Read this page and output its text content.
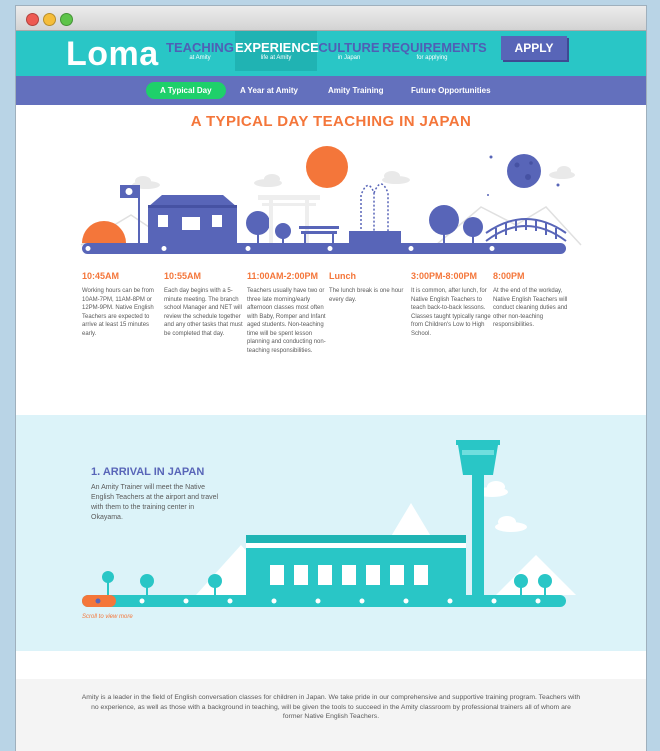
Loma TEACHING
at Amity
EXPERIENCE
life at Amity
CULTURE
in Japan
REQUIREMENTS
for applying
APPLY
A Typical Day	A Year at Amity	Amity Training	Future Opportunities
A TYPICAL DAY TEACHING IN JAPAN
10:45AM
Working hours can be from 10AM-7PM, 11AM-8PM or 12PM-9PM. Native English Teachers are expected to arrive at least 15 minutes early.
10:55AM
Each day begins with a 5-minute meeting. The branch school Manager and NET will review the schedule together and any other tasks that must be completed that day.
11:00AM-2:00PM
Teachers usually have two or three late morning/early afternoon classes most often with Baby, Romper and Infant aged students. Non-teaching time will be spent lesson planning and conducting non-teaching responsibilities.
Lunch
The lunch break is one hour every day.
3:00PM-8:00PM
It is common, after lunch, for Native English Teachers to teach back-to-back lessons. Classes taught typically range from Children's Low to High School.
8:00PM
At the end of the workday, Native English Teachers will conduct cleaning duties and other non-teaching responsibilities.
1. ARRIVAL IN JAPAN
An Amity Trainer will meet the Native English Teachers at the airport and travel with them to the training center in Okayama.
Scroll to view more

Amity is a leader in the field of English conversation classes for children in Japan. We take pride in our comprehensive and supportive training program. Teachers with no experience, as well as those with a background in teaching, will be given the tools to succeed in the Amity classroom by professional trainers all of whom are former Native English Teachers.
